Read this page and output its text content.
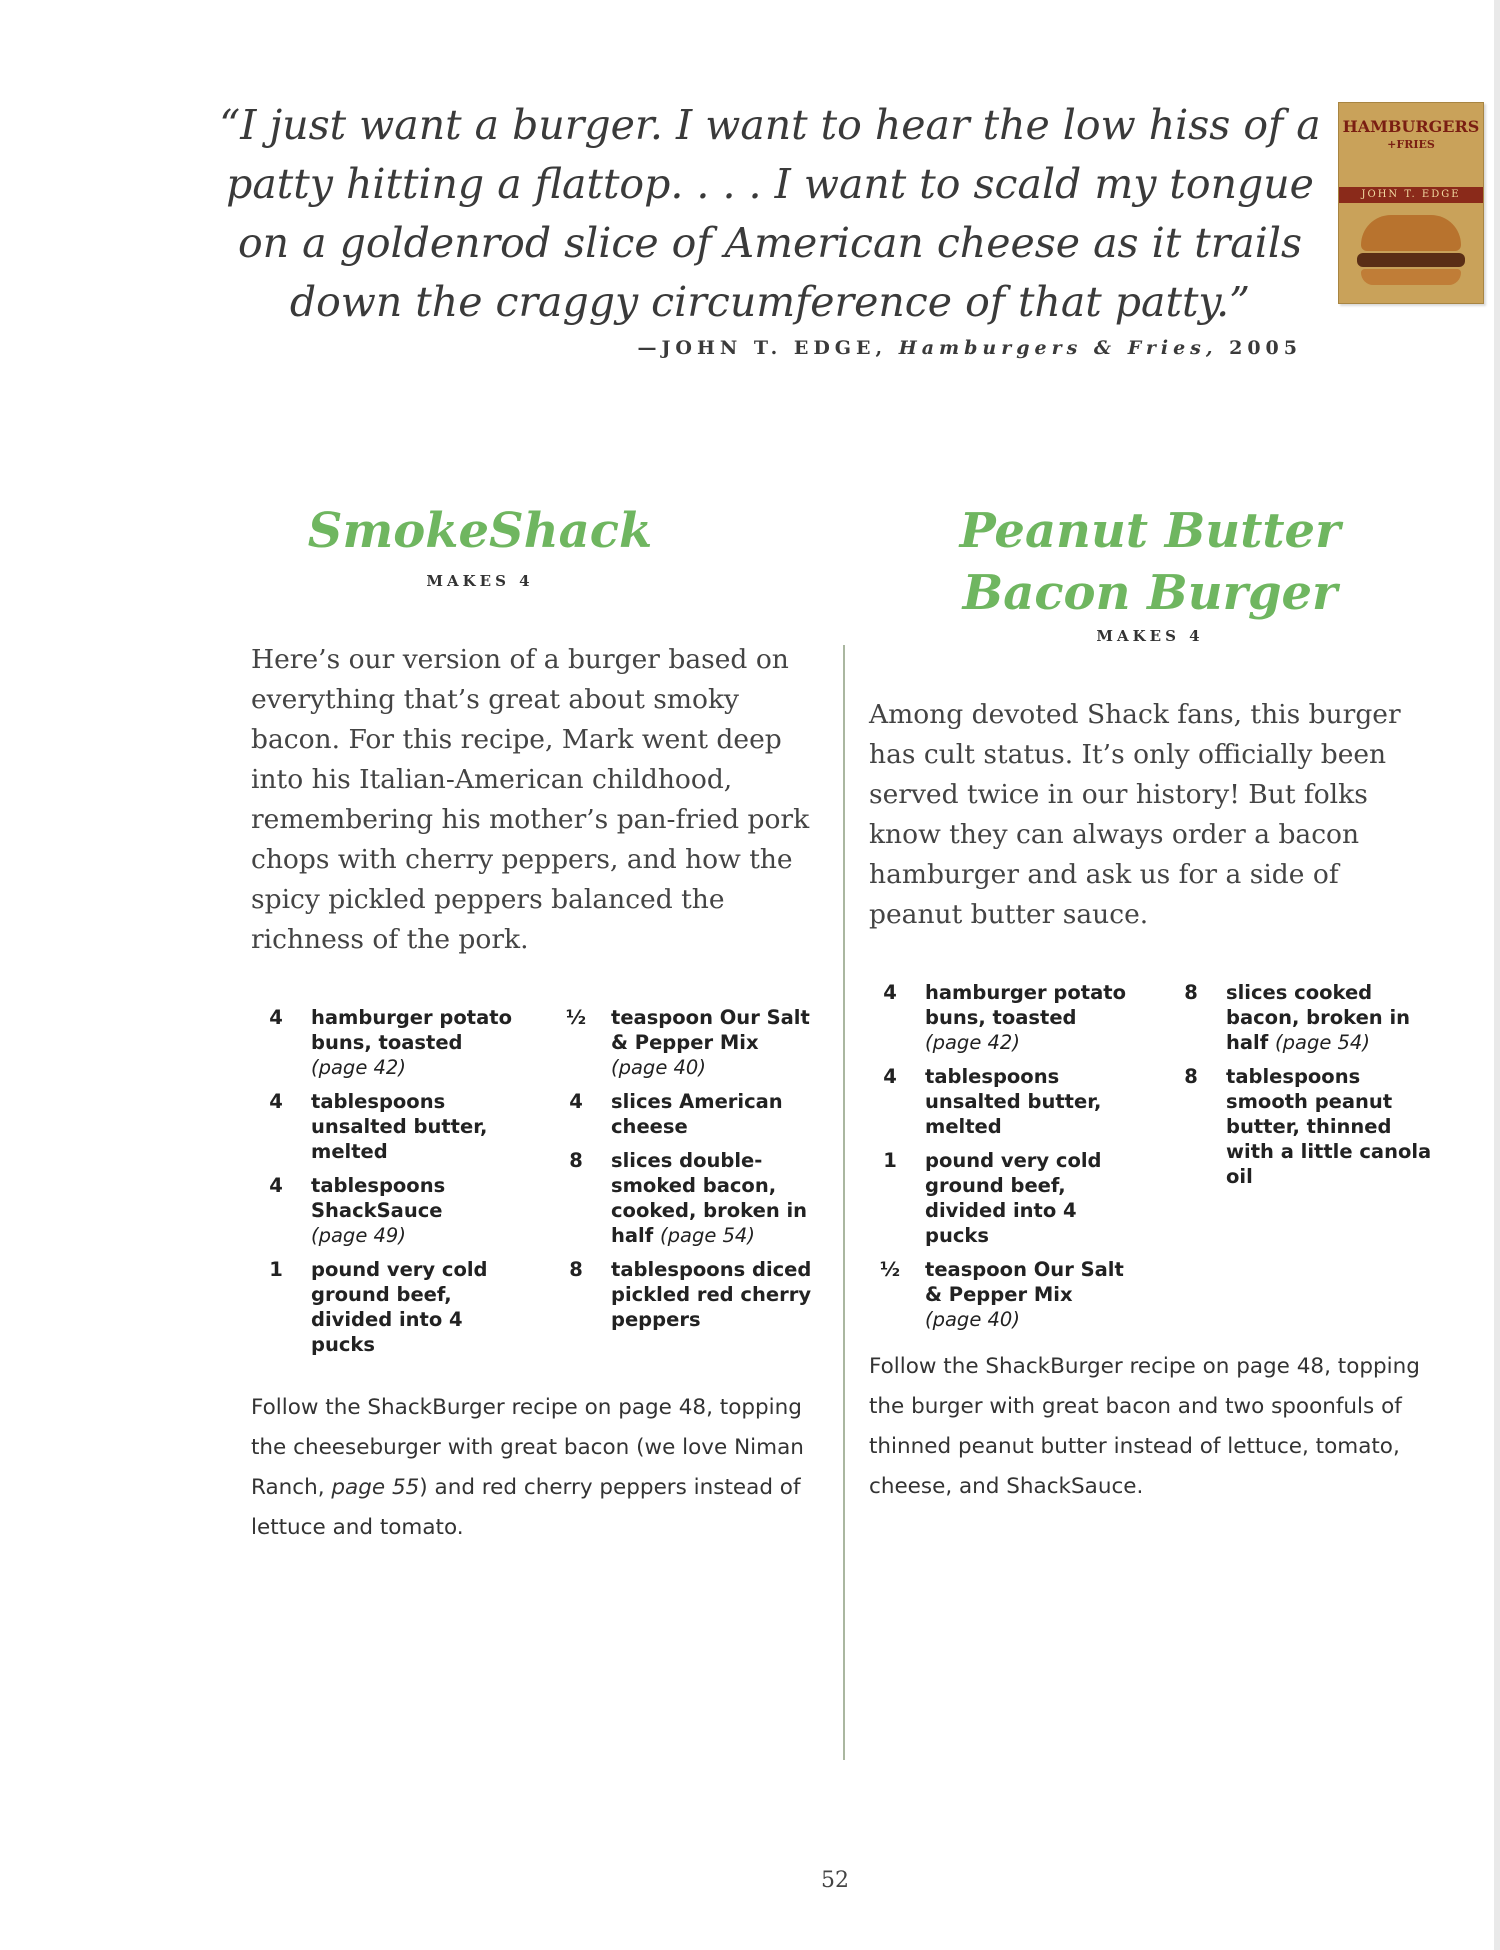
“I just want a burger. I want to hear the low hiss of a patty hitting a flattop. . . . I want to scald my tongue on a goldenrod slice of American cheese as it trails down the craggy circumference of that patty.”

—JOHN T. EDGE, Hamburgers & Fries, 2005
HAMBURGERS
+FRIES
JOHN T. EDGE
SmokeShack
MAKES 4

Here’s our version of a burger based on everything that’s great about smoky bacon. For this recipe, Mark went deep into his Italian-American childhood, remembering his mother’s pan-fried pork chops with cherry peppers, and how the spicy pickled peppers balanced the richness of the pork.

4	hamburger potato buns, toasted
(page 42)
4	tablespoons unsalted butter, melted
4	tablespoons ShackSauce
(page 49)
1	pound very cold ground beef, divided into 4 pucks
½ teaspoon Our Salt & Pepper Mix
(page 40)
4	slices American cheese
8	slices double-smoked bacon, cooked, broken in half (page 54)
8	tablespoons diced pickled red cherry peppers

Follow the ShackBurger recipe on page 48, topping the cheeseburger with great bacon (we love Niman Ranch, page 55) and red cherry peppers instead of lettuce and tomato.

Peanut Butter Bacon Burger
MAKES 4

Among devoted Shack fans, this burger has cult status. It’s only officially been served twice in our history! But folks know they can always order a bacon hamburger and ask us for a side of peanut butter sauce.

4	hamburger potato buns, toasted
(page 42)
4	tablespoons unsalted butter, melted
1	pound very cold ground beef, divided into 4 pucks
½ teaspoon Our Salt & Pepper Mix
(page 40)
8	slices cooked bacon, broken in half (page 54)
8	tablespoons smooth peanut butter, thinned with a little canola oil

Follow the ShackBurger recipe on page 48, topping the burger with great bacon and two spoonfuls of thinned peanut butter instead of lettuce, tomato, cheese, and ShackSauce.

52
